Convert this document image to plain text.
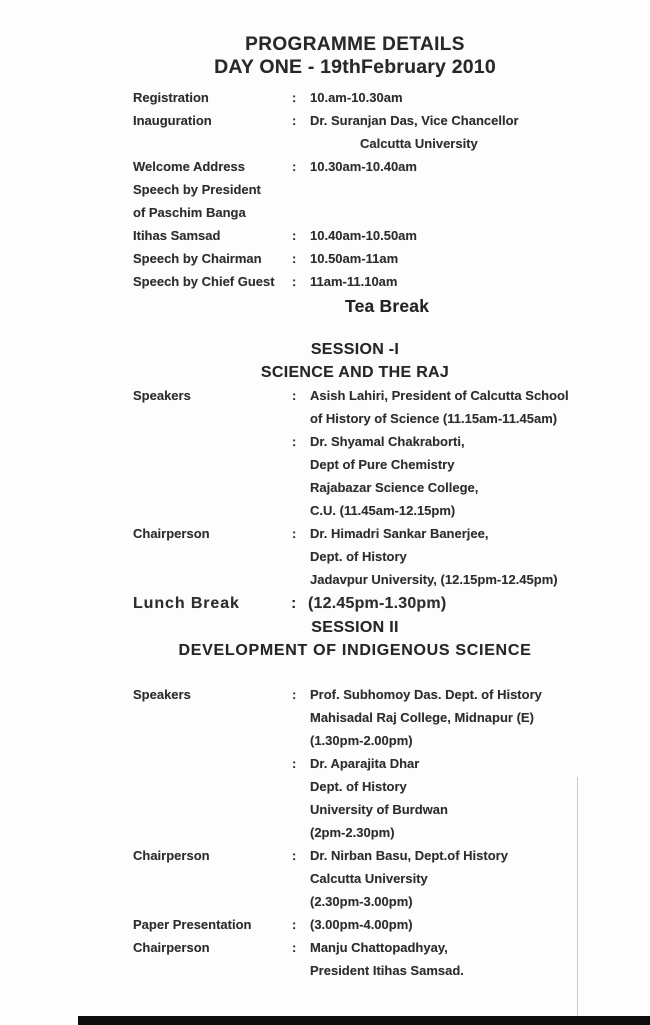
PROGRAMME DETAILS
DAY ONE - 19thFebruary 2010
Registration	: 10.am-10.30am
Inauguration	: Dr. Suranjan Das, Vice Chancellor
Calcutta University
Welcome Address	: 10.30am-10.40am
Speech by President
of Paschim Banga
Itihas Samsad	: 10.40am-10.50am
Speech by Chairman : 10.50am-11am
Speech by Chief Guest : 11am-11.10am
Tea Break
SESSION -I
SCIENCE AND THE RAJ
Speakers	: Asish Lahiri, President of Calcutta School
of History of Science (11.15am-11.45am)
: Dr. Shyamal Chakraborti,
Dept of Pure Chemistry
Rajabazar Science College,
C.U. (11.45am-12.15pm)
Chairperson	: Dr. Himadri Sankar Banerjee,
Dept. of History
Jadavpur University, (12.15pm-12.45pm)
Lunch Break	: (12.45pm-1.30pm)
SESSION II
DEVELOPMENT OF INDIGENOUS SCIENCE
Speakers	: Prof. Subhomoy Das. Dept. of History
Mahisadal Raj College, Midnapur (E)
(1.30pm-2.00pm)
: Dr. Aparajita Dhar
Dept. of History
University of Burdwan
(2pm-2.30pm)
Chairperson	: Dr. Nirban Basu, Dept.of History
Calcutta University
(2.30pm-3.00pm)
Paper Presentation	: (3.00pm-4.00pm)
Chairperson	: Manju Chattopadhyay,
President Itihas Samsad.
